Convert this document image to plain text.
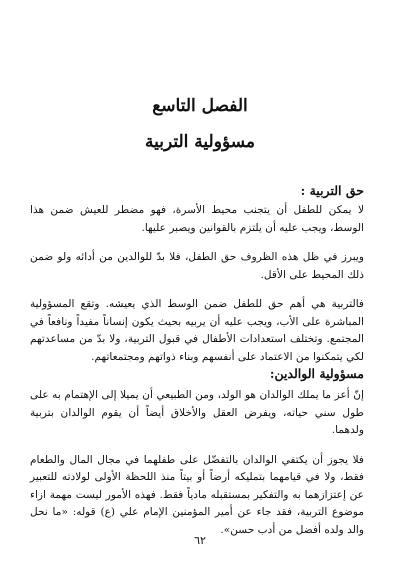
الفصل التاسع
مسؤولية التربية
حق التربية :

لا يمكن للطفل أن يتجنب محيط الأسرة، فهو مضطر للعيش ضمن هذا الوسط، ويجب عليه أن يلتزم بالقوانين ويصبر عليها.

ويبرز في ظل هذه الظروف حق الطفل، فلا بدّ للوالدين من أدائه ولو ضمن ذلك المحيط على الأقل.

فالتربية هي أهم حق للطفل ضمن الوسط الذي يعيشه. وتقع المسؤولية المباشرة على الأب، ويجب عليه أن يربيه بحيث يكون إنساناً مفيداً ونافعاً في المجتمع. وتختلف استعدادات الأطفال في قبول التربية، ولا بدّ من مساعدتهم لكي يتمكنوا من الاعتماد على أنفسهم وبناء ذواتهم ومجتمعاتهم.

مسؤولية الوالدين:

إنّ أعز ما يملك الوالدان هو الولد، ومن الطبيعي أن يميلا إلى الإهتمام به على طول سني حياته، ويفرض العقل والأخلاق أيضاً أن يقوم الوالدان بتربية ولدهما.

فلا يجوز أن يكتفي الوالدان بالتفضّل على طفلهما في مجال المال والطعام فقط، ولا في قيامهما بتمليكه أرضاً أو بيتاً منذ اللحظة الأولى لولادته للتعبير عن إعتزازهما به والتفكير بمستقبله مادياً فقط. فهذه الأمور ليست مهمة ازاء موضوع التربية، فقد جاء عن أمير المؤمنين الإمام علي (ع) قوله: «ما نحل والد ولده أفضل من أدب حسن».

٦٢
